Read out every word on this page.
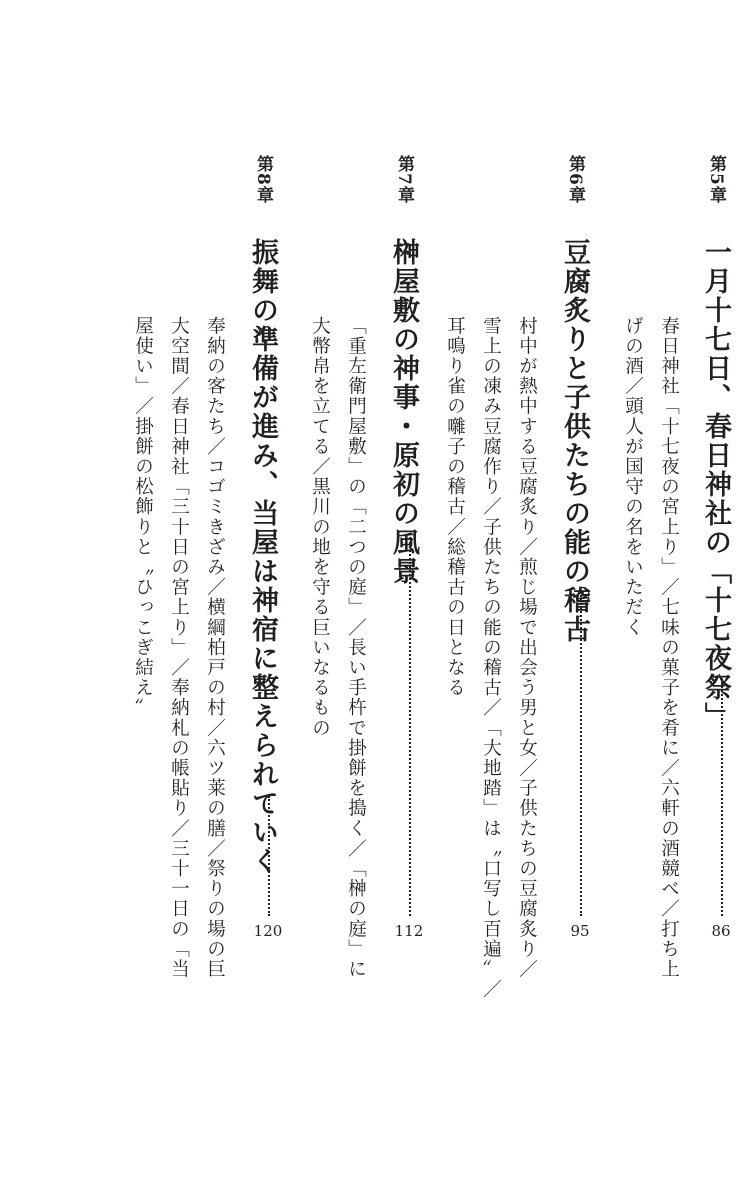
第5章
一月十七日、春日神社の「十七夜祭」
86
春日神社「十七夜の宮上り」／七味の菓子を肴に／六軒の酒競べ／打ち上
げの酒／頭人が国守の名をいただく
第6章
豆腐炙りと子供たちの能の稽古
95
村中が熱中する豆腐炙り／煎じ場で出会う男と女／子供たちの豆腐炙り／
雪上の凍み豆腐作り／子供たちの能の稽古／「大地踏」は〝口写し百遍〟／
耳鳴り雀の囃子の稽古／総稽古の日となる
第7章
榊屋敷の神事・原初の風景
112
「重左衛門屋敷」の「二つの庭」／長い手杵で掛餅を搗く／「榊の庭」に
大幣帛を立てる／黒川の地を守る巨いなるもの
第8章
振舞の準備が進み、当屋は神宿に整えられていく
120
奉納の客たち／コゴミきざみ／横綱柏戸の村／六ツ莱の膳／祭りの場の巨
大空間／春日神社「三十日の宮上り」／奉納札の帳貼り／三十一日の「当
屋使い」／掛餅の松飾りと〝ひっこぎ結え〟
